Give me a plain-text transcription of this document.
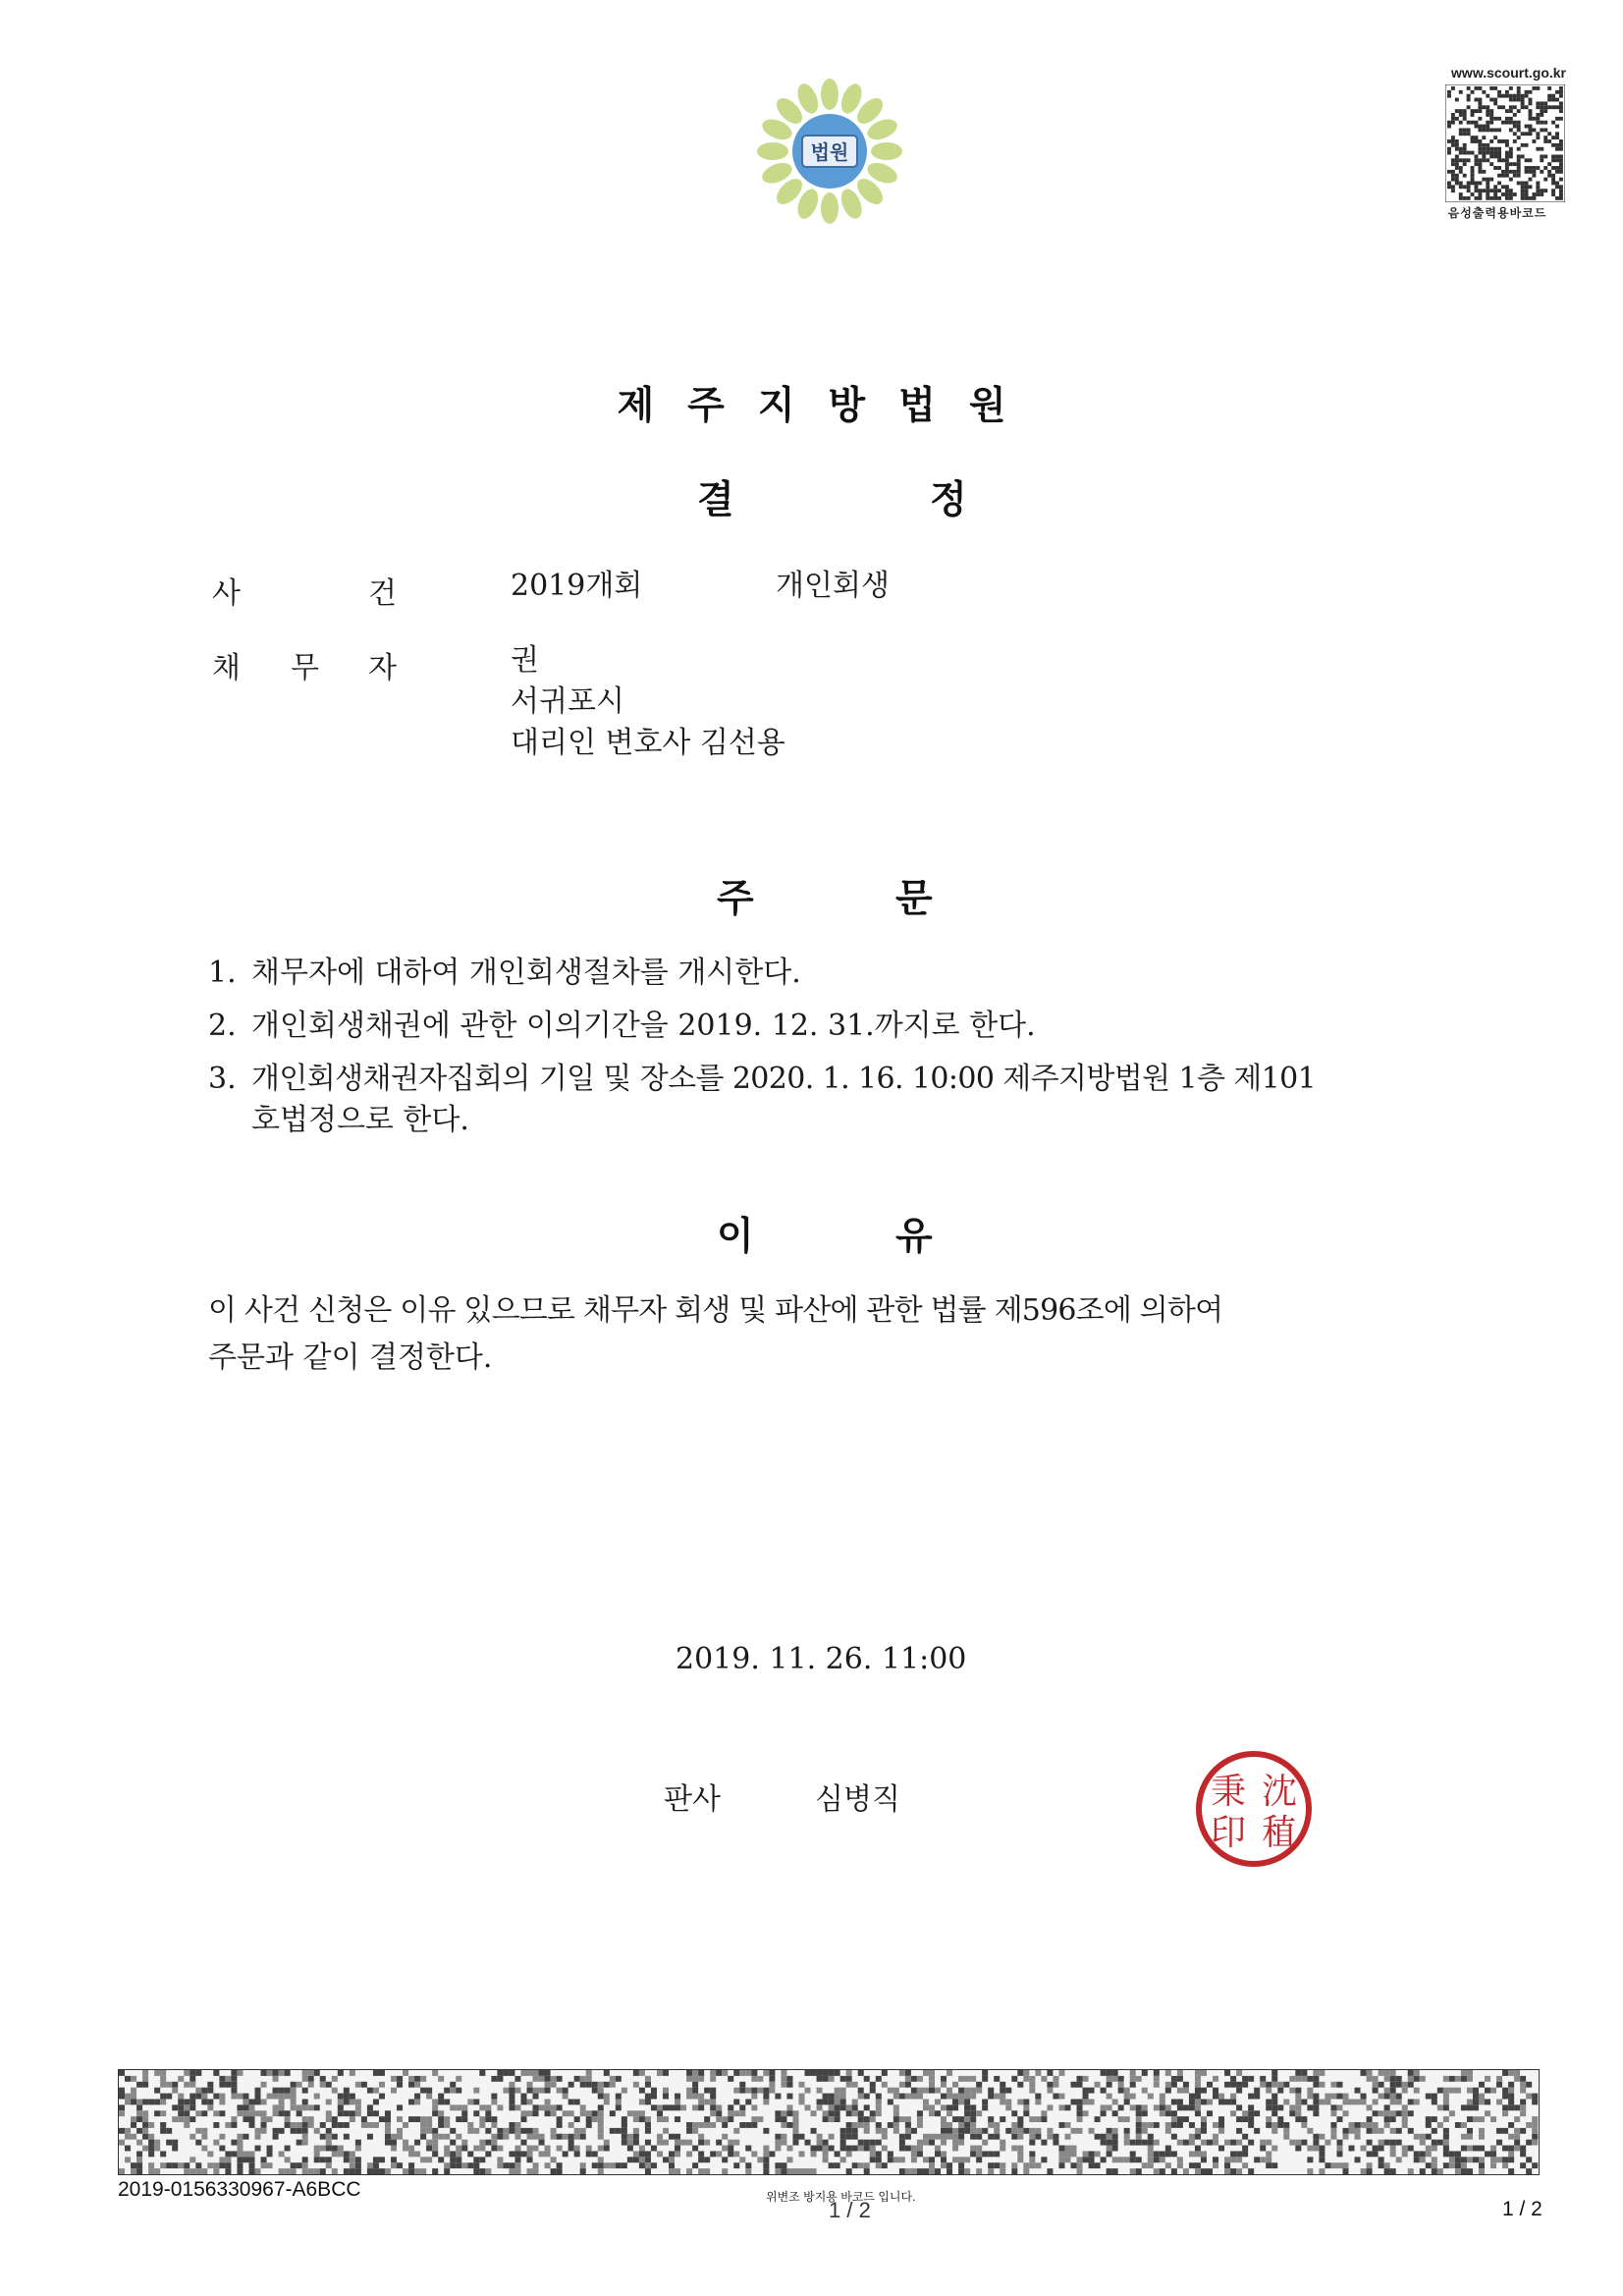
법원
www.scourt.go.kr
음성출력용바코드
제주지방법원
결	정
사	건	2019개회	개인회생
채 무 자	권
서귀포시
대리인 변호사 김선용
주	문
1. 채무자에 대하여 개인회생절차를 개시한다.
2. 개인회생채권에 관한 이의기간을 2019. 12. 31.까지로 한다.
3. 개인회생채권자집회의 기일 및 장소를 2020. 1. 16. 10:00 제주지방법원 1층 제101
호법정으로 한다.
이	유
이 사건 신청은 이유 있으므로 채무자 회생 및 파산에 관한 법률 제596조에 의하여
주문과 같이 결정한다.
2019. 11. 26. 11:00
판사	심병직	秉 沈
印 稙
2019-0156330967-A6BCC	위변조 방지용 바코드 입니다.
1 / 2	1 / 2
